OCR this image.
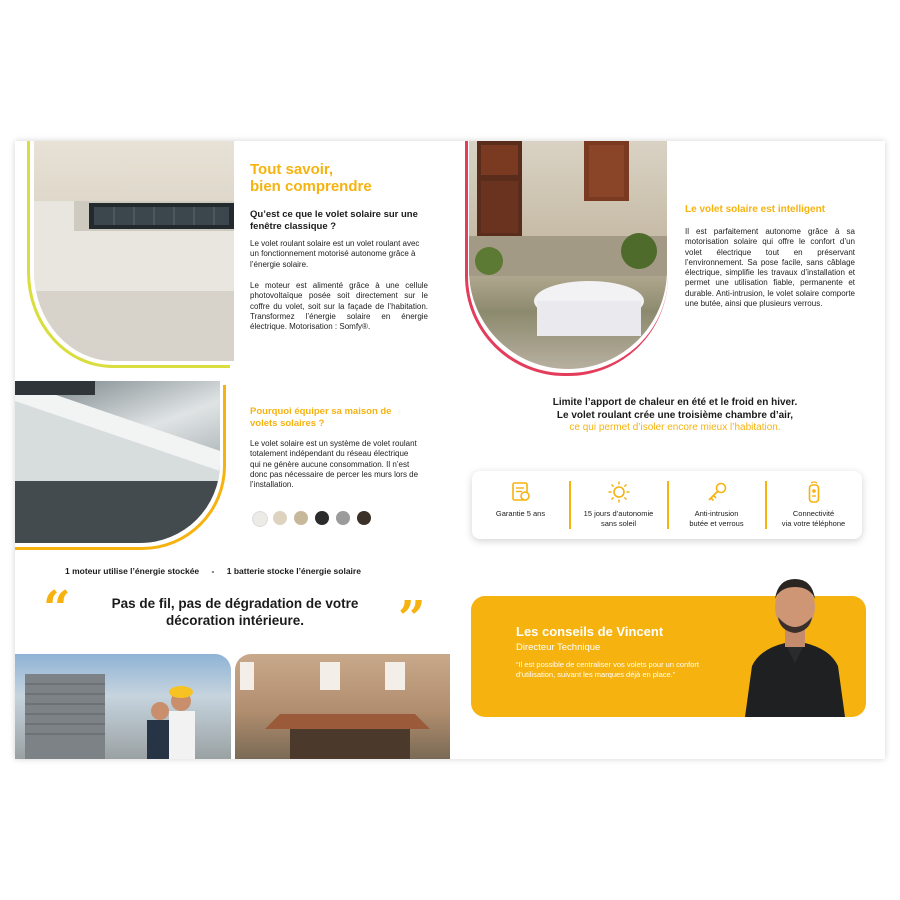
Tout savoir,
bien comprendre

Qu’est ce que le volet solaire sur une fenêtre classique ?

Le volet roulant solaire est un volet roulant avec un fonctionnement motorisé autonome grâce à l’énergie solaire.

Le moteur est alimenté grâce à une cellule photovoltaïque posée soit directement sur le coffre du volet, soit sur la façade de l’habitation. Transformez l’énergie solaire en énergie électrique. Motorisation : Somfy®.

Le volet solaire est intelligent

Il est parfaitement autonome grâce à sa motorisation solaire qui offre le confort d’un volet électrique tout en préservant l’environnement. Sa pose facile, sans câblage électrique, simplifie les travaux d’installation et permet une utilisation fiable, permanente et durable. Anti-intrusion, le volet solaire comporte une butée, ainsi que plusieurs verrous.

Pourquoi équiper sa maison de volets solaires ?

Le volet solaire est un système de volet roulant totalement indépendant du réseau électrique qui ne génère aucune consommation. Il n’est donc pas nécessaire de percer les murs lors de l’installation.

1 moteur utilise l’énergie stockée - 1 batterie stocke l’énergie solaire
“	Pas de fil, pas de dégradation de votre décoration intérieure.	”
Limite l’apport de chaleur en été et le froid en hiver.
Le volet roulant crée une troisième chambre d’air,
ce qui permet d’isoler encore mieux l’habitation.
Garantie 5 ans	15 jours d’autonomie
sans soleil
Anti-intrusion
butée et verrous
Connectivité
via votre téléphone
Les conseils de Vincent
Directeur Technique
“Il est possible de centraliser vos volets pour un confort d’utilisation, suivant les marques déjà en place.”
